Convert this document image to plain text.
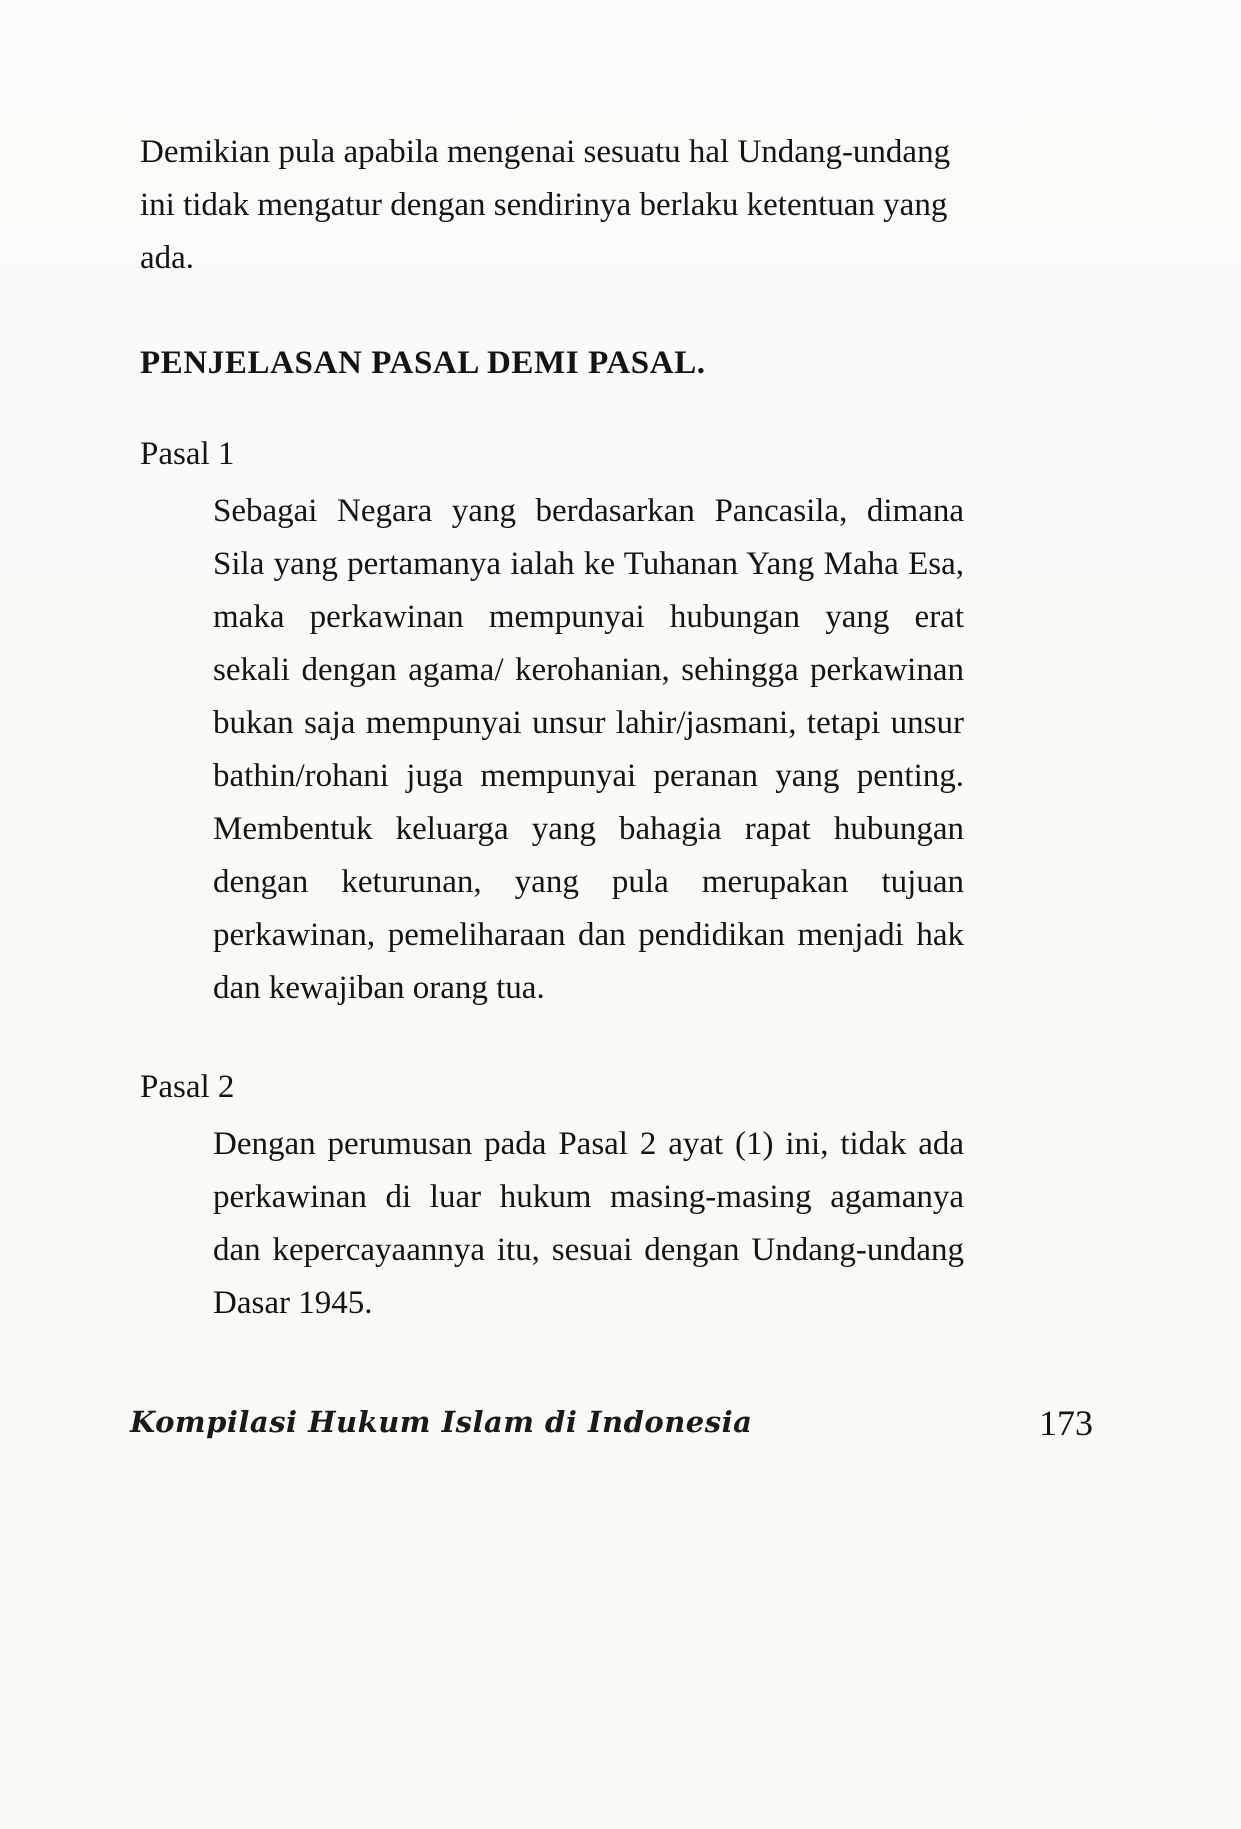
Demikian pula apabila mengenai sesuatu hal Undang-undang ini tidak mengatur dengan sendirinya berlaku ketentuan yang ada.

PENJELASAN PASAL DEMI PASAL.

Pasal 1

Sebagai Negara yang berdasarkan Pancasila, dimana Sila yang pertamanya ialah ke Tuhanan Yang Maha Esa, maka perkawinan mempunyai hubungan yang erat sekali dengan agama/ kerohanian, sehingga perkawinan bukan saja mempunyai unsur lahir/jasmani, tetapi unsur bathin/rohani juga mempunyai peranan yang penting. Membentuk keluarga yang bahagia rapat hubungan dengan keturunan, yang pula merupakan tujuan perkawinan, pemeliharaan dan pendidikan menjadi hak dan kewajiban orang tua.

Pasal 2

Dengan perumusan pada Pasal 2 ayat (1) ini, tidak ada perkawinan di luar hukum masing-masing agamanya dan kepercayaannya itu, sesuai dengan Undang-undang Dasar 1945.

Kompilasi Hukum Islam di Indonesia	173
